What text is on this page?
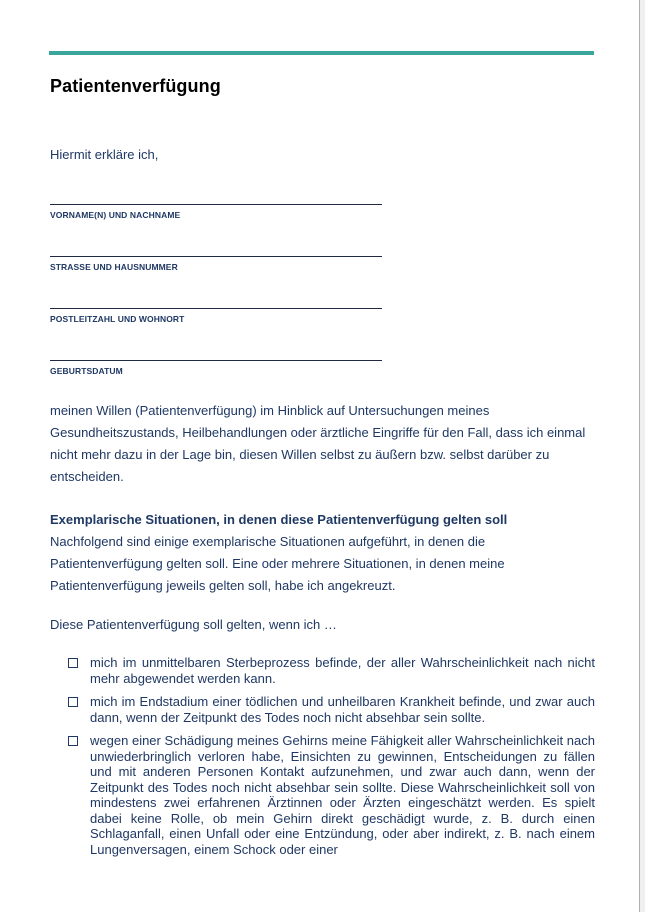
Patientenverfügung
Hiermit erkläre ich,
VORNAME(N) UND NACHNAME
STRASSE UND HAUSNUMMER
POSTLEITZAHL UND WOHNORT
GEBURTSDATUM

meinen Willen (Patientenverfügung) im Hinblick auf Untersuchungen meines Gesundheitszustands, Heilbehandlungen oder ärztliche Eingriffe für den Fall, dass ich einmal nicht mehr dazu in der Lage bin, diesen Willen selbst zu äußern bzw. selbst darüber zu entscheiden.

Exemplarische Situationen, in denen diese Patientenverfügung gelten soll

Nachfolgend sind einige exemplarische Situationen aufgeführt, in denen die Patientenverfügung gelten soll. Eine oder mehrere Situationen, in denen meine Patientenverfügung jeweils gelten soll, habe ich angekreuzt.

Diese Patientenverfügung soll gelten, wenn ich …

mich im unmittelbaren Sterbeprozess befinde, der aller Wahrscheinlichkeit nach nicht mehr abgewendet werden kann.
mich im Endstadium einer tödlichen und unheilbaren Krankheit befinde, und zwar auch dann, wenn der Zeitpunkt des Todes noch nicht absehbar sein sollte.
wegen einer Schädigung meines Gehirns meine Fähigkeit aller Wahrscheinlichkeit nach unwiederbringlich verloren habe, Einsichten zu gewinnen, Entscheidungen zu fällen und mit anderen Personen Kontakt aufzunehmen, und zwar auch dann, wenn der Zeitpunkt des Todes noch nicht absehbar sein sollte. Diese Wahrscheinlichkeit soll von mindestens zwei erfahrenen Ärztinnen oder Ärzten eingeschätzt werden. Es spielt dabei keine Rolle, ob mein Gehirn direkt geschädigt wurde, z. B. durch einen Schlaganfall, einen Unfall oder eine Entzündung, oder aber indirekt, z. B. nach einem Lungenversagen, einem Schock oder einer
